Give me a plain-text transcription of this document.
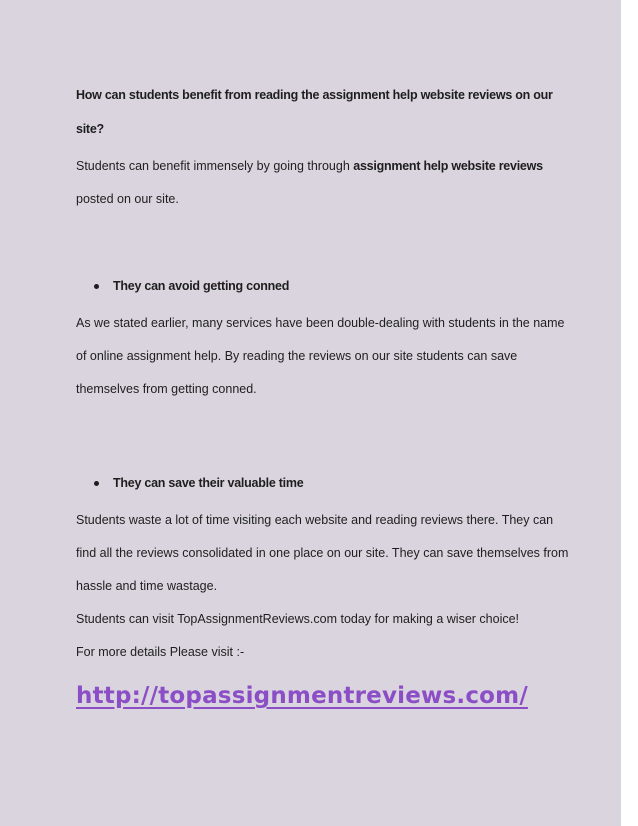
How can students benefit from reading the assignment help website reviews on our site?

Students can benefit immensely by going through assignment help website reviews posted on our site.

They can avoid getting conned

As we stated earlier, many services have been double-dealing with students in the name of online assignment help. By reading the reviews on our site students can save themselves from getting conned.

They can save their valuable time

Students waste a lot of time visiting each website and reading reviews there. They can find all the reviews consolidated in one place on our site. They can save themselves from hassle and time wastage.

Students can visit TopAssignmentReviews.com today for making a wiser choice!

For more details Please visit :-

http://topassignmentreviews.com/
